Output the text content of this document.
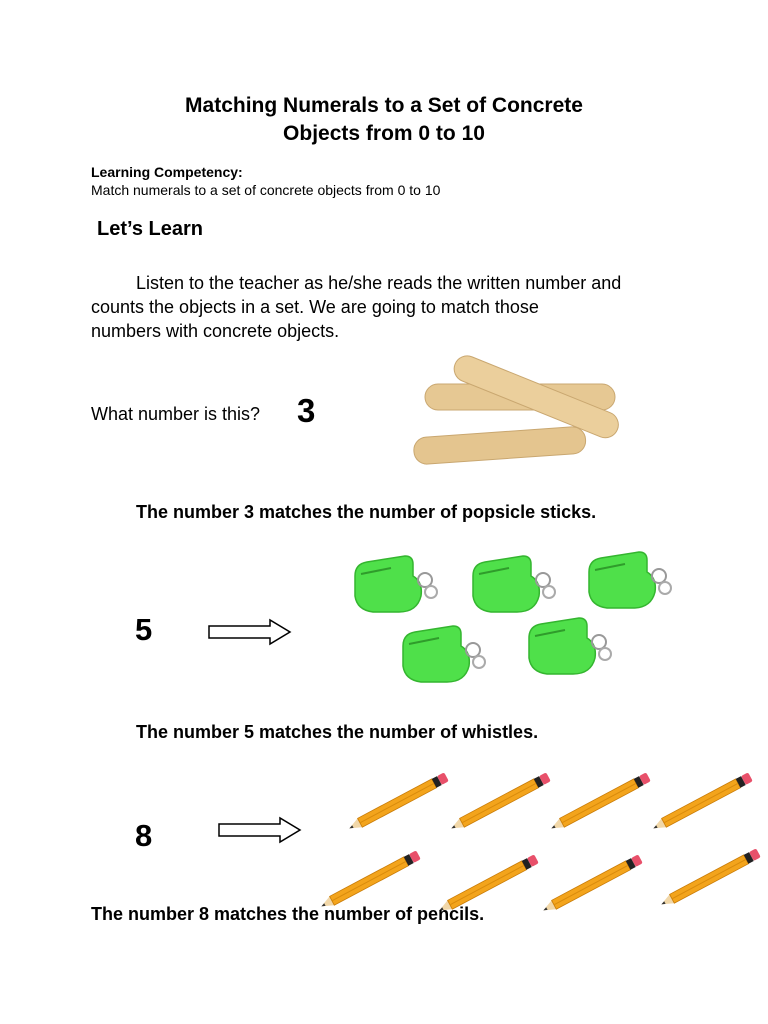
Matching Numerals to a Set of Concrete
Objects from 0 to 10
Learning Competency:
Match numerals to a set of concrete objects from 0 to 10
Let’s Learn
Listen to the teacher as he/she reads the written number and
counts the objects in a set. We are going to match those
numbers with concrete objects.
What number is this? 3
The number 3 matches the number of popsicle sticks.
5
The number 5 matches the number of whistles.
8
The number 8 matches the number of pencils.
